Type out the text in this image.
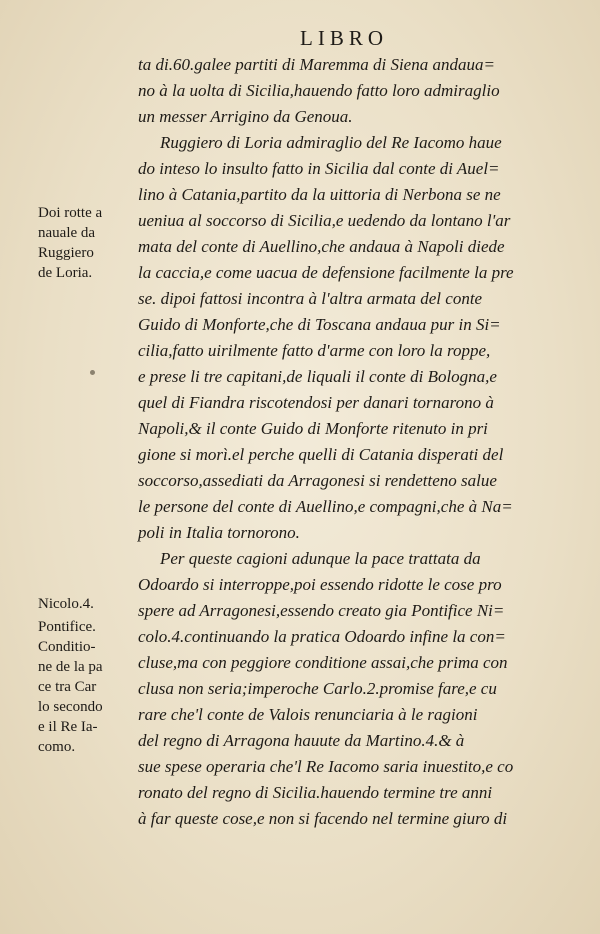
LIBRO
Doi rotte a
nauale da
Ruggiero
de Loria.
Nicolo.4.
Pontifice.
Conditio-
ne de la pa
ce tra Car
lo secondo
e il Re Ia-
como.
ta di.60.galee partiti di Maremma di Siena andaua=
no à la uolta di Sicilia,hauendo fatto loro admiraglio
un messer Arrigino da Genoua.
Ruggiero di Loria admiraglio del Re Iacomo haue
do inteso lo insulto fatto in Sicilia dal conte di Auel=
lino à Catania,partito da la uittoria di Nerbona se ne
ueniua al soccorso di Sicilia,e uedendo da lontano l'ar
mata del conte di Auellino,che andaua à Napoli diede
la caccia,e come uacua de defensione facilmente la pre
se. dipoi fattosi incontra à l'altra armata del conte
Guido di Monforte,che di Toscana andaua pur in Si=
cilia,fatto uirilmente fatto d'arme con loro la roppe,
e prese li tre capitani,de liquali il conte di Bologna,e
quel di Fiandra riscotendosi per danari tornarono à
Napoli,& il conte Guido di Monforte ritenuto in pri
gione si morì.el perche quelli di Catania disperati del
soccorso,assediati da Arragonesi si rendetteno salue
le persone del conte di Auellino,e compagni,che à Na=
poli in Italia tornorono.
Per queste cagioni adunque la pace trattata da
Odoardo si interroppe,poi essendo ridotte le cose pro
spere ad Arragonesi,essendo creato gia Pontifice Ni=
colo.4.continuando la pratica Odoardo infine la con=
cluse,ma con peggiore conditione assai,che prima con
clusa non seria;imperoche Carlo.2.promise fare,e cu
rare che'l conte de Valois renunciaria à le ragioni
del regno di Arragona hauute da Martino.4.& à
sue spese operaria che'l Re Iacomo saria inuestito,e co
ronato del regno di Sicilia.hauendo termine tre anni
à far queste cose,e non si facendo nel termine giuro di
